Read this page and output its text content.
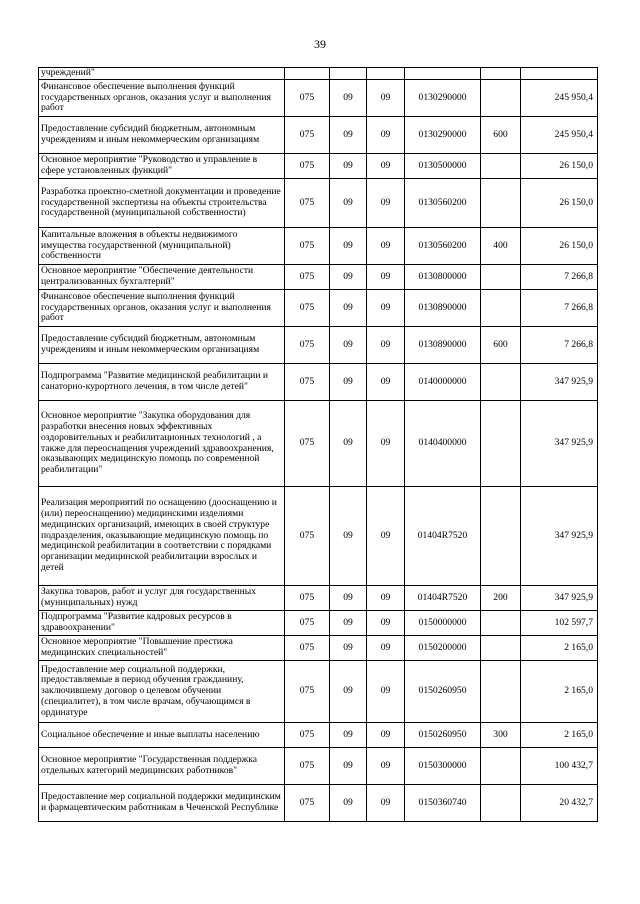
39
учреждений"						
Финансовое обеспечение выполнения функций государственных органов, оказания услуг и выполнения работ	075	09	09	0130290000		245 950,4
Предоставление субсидий бюджетным, автономным учреждениям и иным некоммерческим организациям	075	09	09	0130290000	600	245 950,4
Основное мероприятие "Руководство и управление в сфере установленных функций"	075	09	09	0130500000		26 150,0
Разработка проектно-сметной документации и проведение государственной экспертизы на объекты строительства государственной (муниципальной собственности)	075	09	09	0130560200		26 150,0
Капитальные вложения в объекты недвижимого имущества государственной (муниципальной) собственности	075	09	09	0130560200	400	26 150,0
Основное мероприятие "Обеспечение деятельности централизованных бухгалтерий"	075	09	09	0130800000		7 266,8
Финансовое обеспечение выполнения функций государственных органов, оказания услуг и выполнения работ	075	09	09	0130890000		7 266,8
Предоставление субсидий бюджетным, автономным учреждениям и иным некоммерческим организациям	075	09	09	0130890000	600	7 266,8
Подпрограмма "Развитие медицинской реабилитации и санаторно-курортного лечения, в том числе детей"	075	09	09	0140000000		347 925,9
Основное мероприятие "Закупка оборудования для разработки внесения новых эффективных оздоровительных и реабилитационных технологий , а также для переоснащения учреждений здравоохранения, оказывающих медицинскую помощь по современной реабилитации"	075	09	09	0140400000		347 925,9
Реализация мероприятий по оснащению (дооснащению и (или) переоснащению) медицинскими изделиями медицинских организаций, имеющих в своей структуре подразделения, оказывающие медицинскую помощь по медицинской реабилитации в соответствии с порядками организации медицинской реабилитации взрослых и детей	075	09	09	01404R7520		347 925,9
Закупка товаров, работ и услуг для государственных (муниципальных) нужд	075	09	09	01404R7520	200	347 925,9
Подпрограмма "Развитие кадровых ресурсов в здравоохранении"	075	09	09	0150000000		102 597,7
Основное мероприятие "Повышение престижа медицинских специальностей"	075	09	09	0150200000		2 165,0
Предоставление мер социальной поддержки, предоставляемые в период обучения гражданину, заключившему договор о целевом обучении (специалитет), в том числе врачам, обучающимся в ординатуре	075	09	09	0150260950		2 165,0
Социальное обеспечение и иные выплаты населению	075	09	09	0150260950	300	2 165,0
Основное мероприятие "Государственная поддержка отдельных категорий медицинских работников"	075	09	09	0150300000		100 432,7
Предоставление мер социальной поддержки медицинским и фармацевтическим работникам в Чеченской Республике	075	09	09	0150360740		20 432,7
